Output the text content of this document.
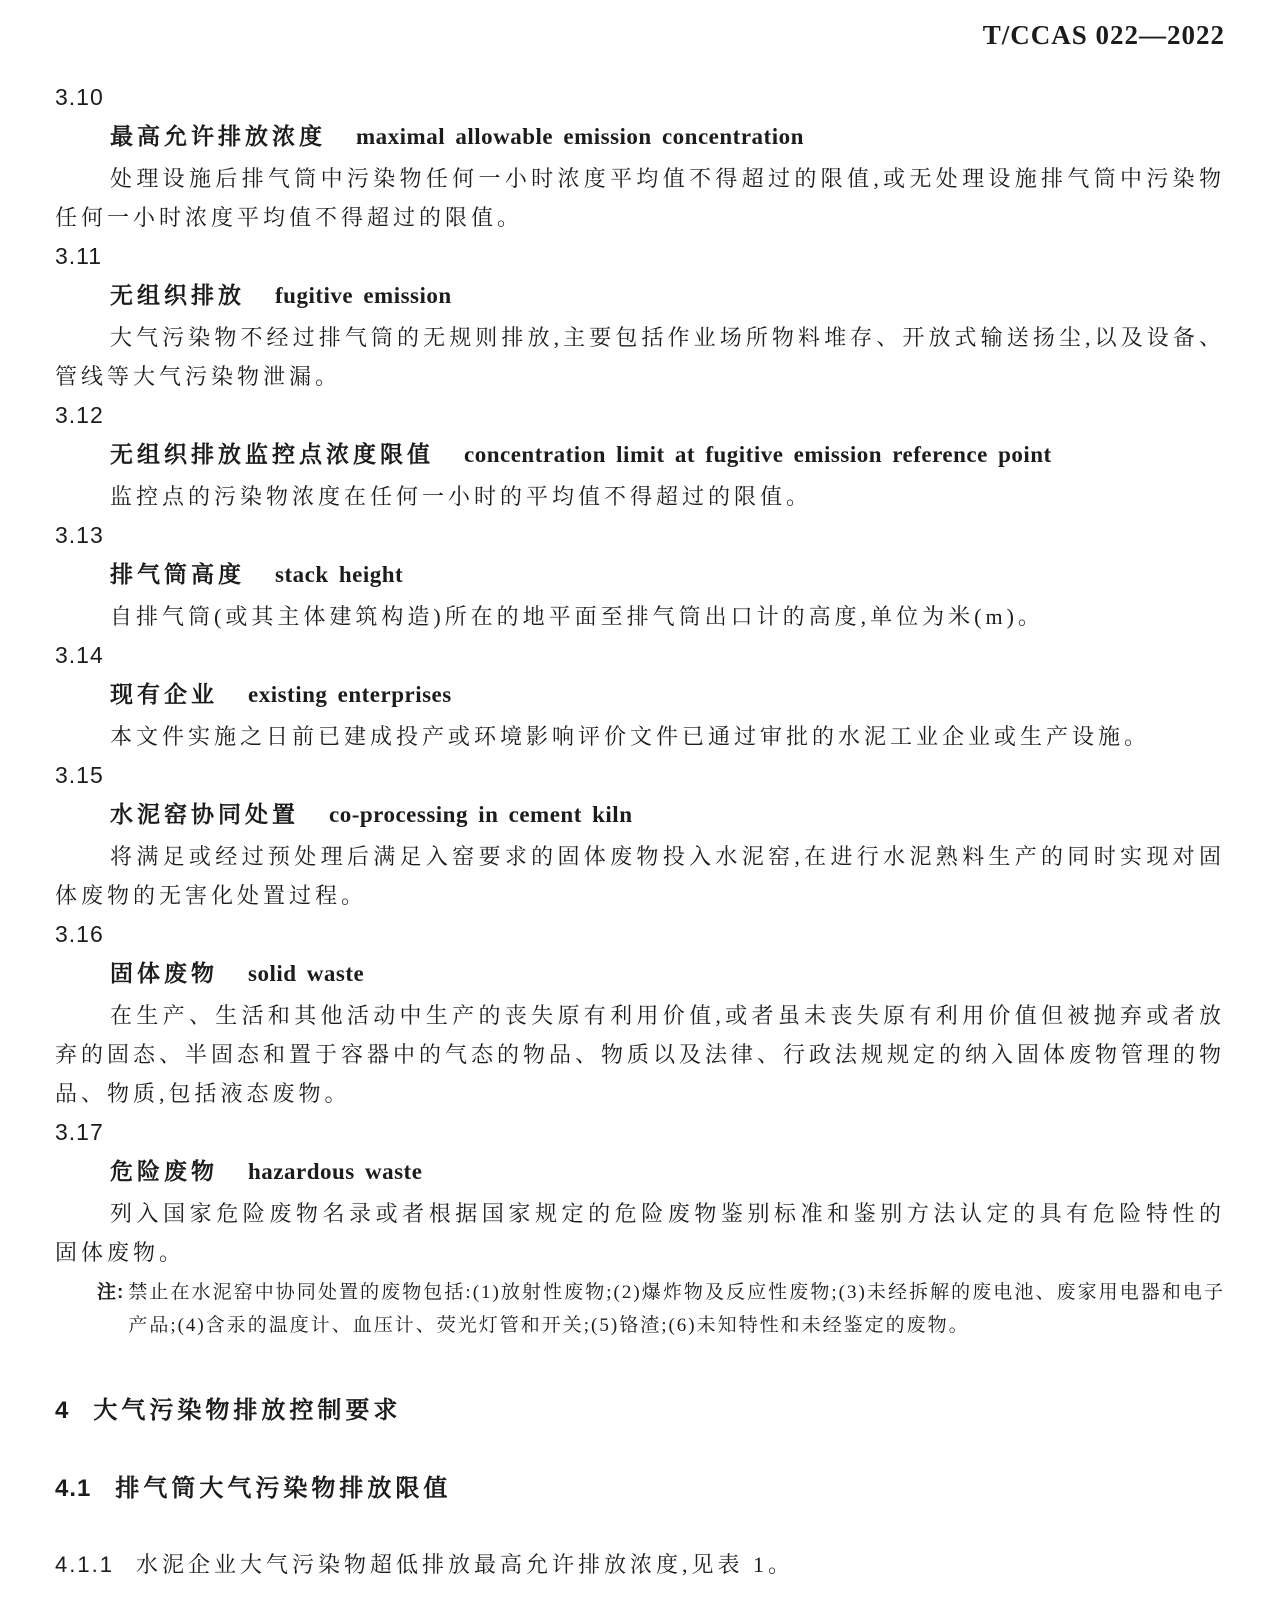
T/CCAS 022—2022
3.10
最高允许排放浓度 maximal allowable emission concentration

处理设施后排气筒中污染物任何一小时浓度平均值不得超过的限值,或无处理设施排气筒中污染物任何一小时浓度平均值不得超过的限值。

3.11
无组织排放 fugitive emission

大气污染物不经过排气筒的无规则排放,主要包括作业场所物料堆存、开放式输送扬尘,以及设备、管线等大气污染物泄漏。

3.12
无组织排放监控点浓度限值 concentration limit at fugitive emission reference point

监控点的污染物浓度在任何一小时的平均值不得超过的限值。

3.13
排气筒高度 stack height

自排气筒(或其主体建筑构造)所在的地平面至排气筒出口计的高度,单位为米(m)。

3.14
现有企业 existing enterprises

本文件实施之日前已建成投产或环境影响评价文件已通过审批的水泥工业企业或生产设施。

3.15
水泥窑协同处置 co-processing in cement kiln

将满足或经过预处理后满足入窑要求的固体废物投入水泥窑,在进行水泥熟料生产的同时实现对固体废物的无害化处置过程。

3.16
固体废物 solid waste

在生产、生活和其他活动中生产的丧失原有利用价值,或者虽未丧失原有利用价值但被抛弃或者放弃的固态、半固态和置于容器中的气态的物品、物质以及法律、行政法规规定的纳入固体废物管理的物品、物质,包括液态废物。

3.17
危险废物 hazardous waste

列入国家危险废物名录或者根据国家规定的危险废物鉴别标准和鉴别方法认定的具有危险特性的固体废物。

注: 禁止在水泥窑中协同处置的废物包括:(1)放射性废物;(2)爆炸物及反应性废物;(3)未经拆解的废电池、废家用电器和电子产品;(4)含汞的温度计、血压计、荧光灯管和开关;(5)铬渣;(6)未知特性和未经鉴定的废物。
4 大气污染物排放控制要求
4.1 排气筒大气污染物排放限值
4.1.1 水泥企业大气污染物超低排放最高允许排放浓度,见表 1。
